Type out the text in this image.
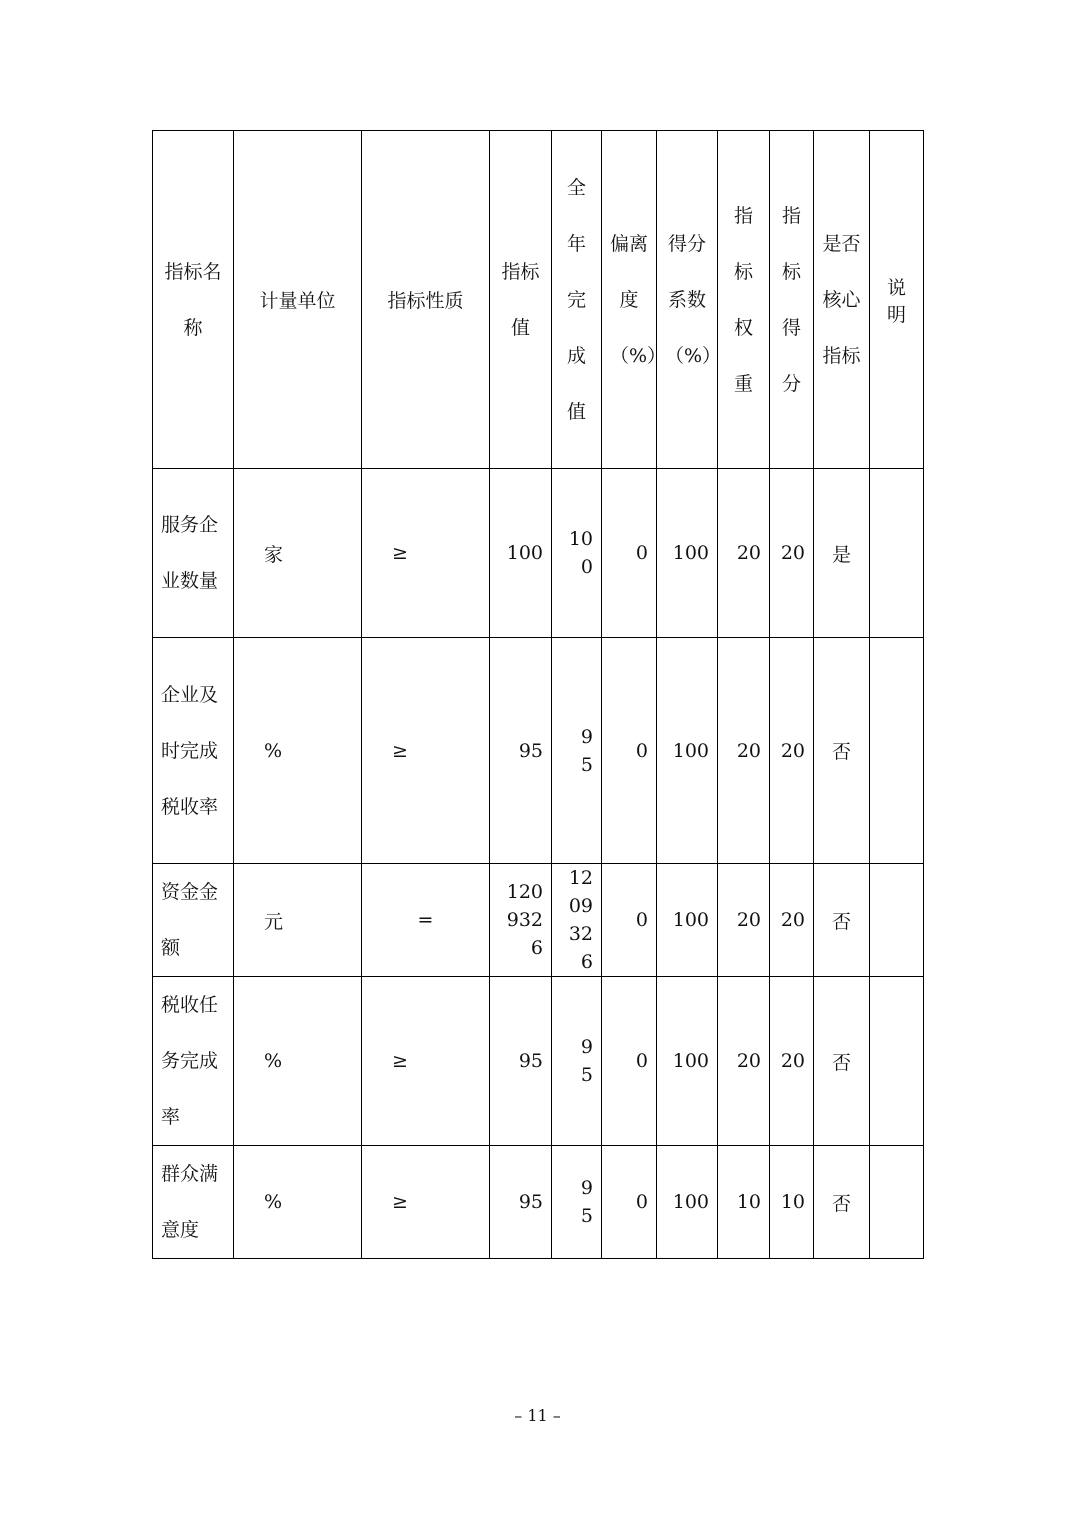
指标名称	计量单位	指标性质	指标值	全年完成值	偏离度（%）	得分系数（%）	指标权重	指标得分	是否核心指标	说明
服务企业数量	家	≥	100	100	0	100	20	20	是	
企业及时完成税收率	%	≥	95	95	0	100	20	20	否	
资金金额	元	=	1209326	1209326	0	100	20	20	否	
税收任务完成率	%	≥	95	95	0	100	20	20	否	
群众满意度	%	≥	95	95	0	100	10	10	否	
– 11 –
